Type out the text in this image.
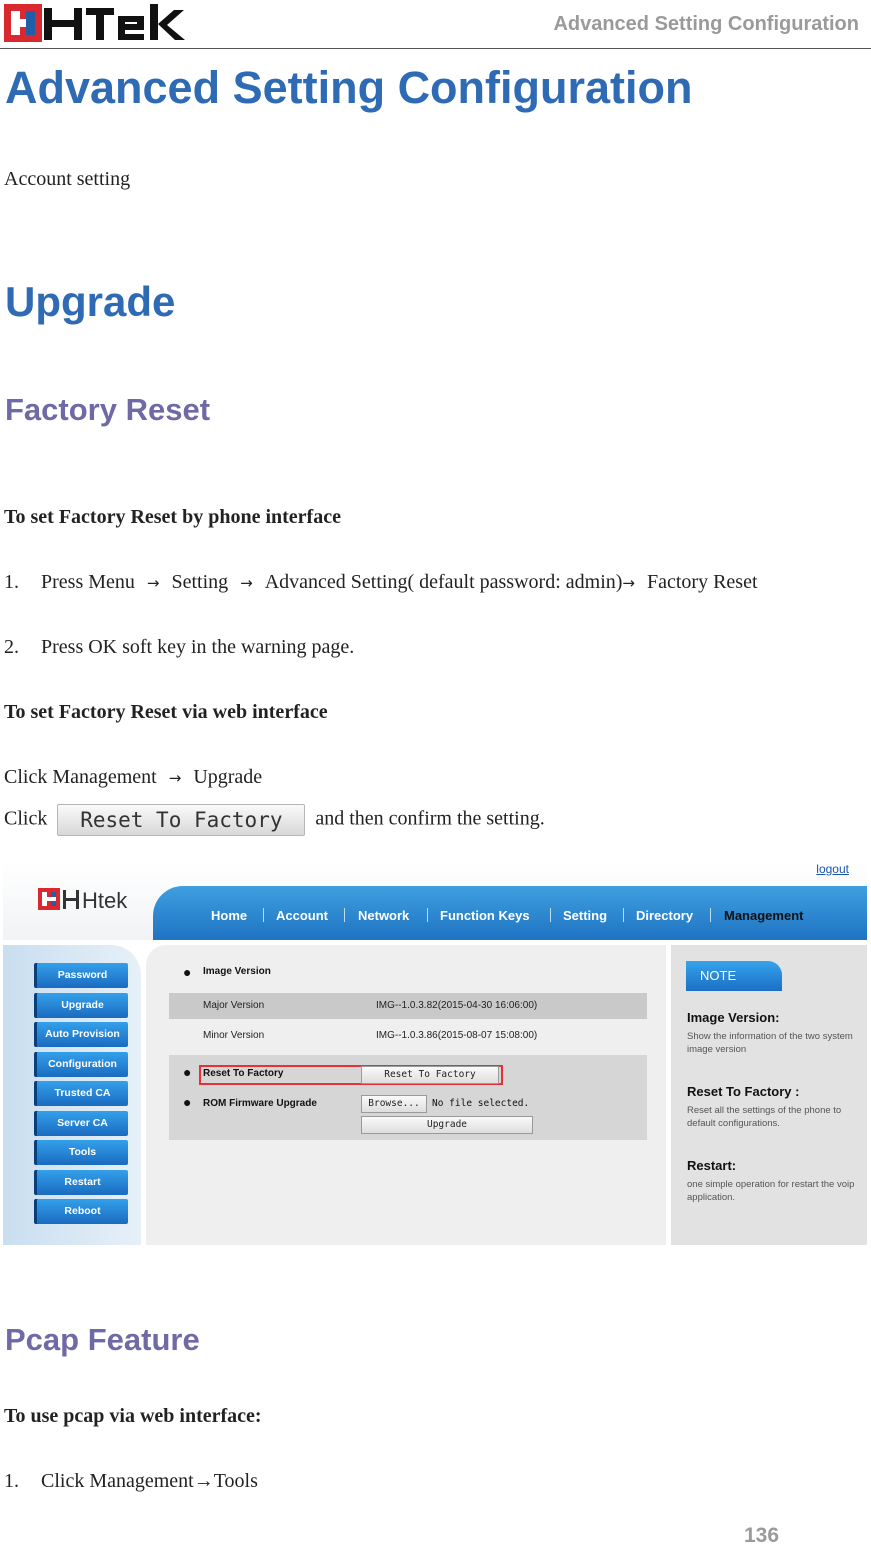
Advanced Setting Configuration
Advanced Setting Configuration
Account setting
Upgrade
Factory Reset
To set Factory Reset by phone interface
1. Press Menu → Setting → Advanced Setting( default password: admin)→ Factory Reset
2. Press OK soft key in the warning page.
To set Factory Reset via web interface
Click Management → Upgrade
Click Reset To Factory and then confirm the setting.
Htek
logout
Home Account Network Function Keys	Setting Directory Management
Password
Upgrade
Auto Provision
Configuration
Trusted CA
Server CA
Tools
Restart
Reboot
● Image Version
Major Version	IMG--1.0.3.82(2015-04-30 16:06:00)
Minor Version	IMG--1.0.3.86(2015-08-07 15:08:00)
● Reset To Factory	Reset To Factory
● ROM Firmware Upgrade	Browse...	No file selected.
Upgrade
NOTE
Image Version:
Show the information of the two system image version
Reset To Factory :
Reset all the settings of the phone to default configurations.
Restart:
one simple operation for restart the voip application.
Pcap Feature
To use pcap via web interface:
1. Click Management→Tools
136
